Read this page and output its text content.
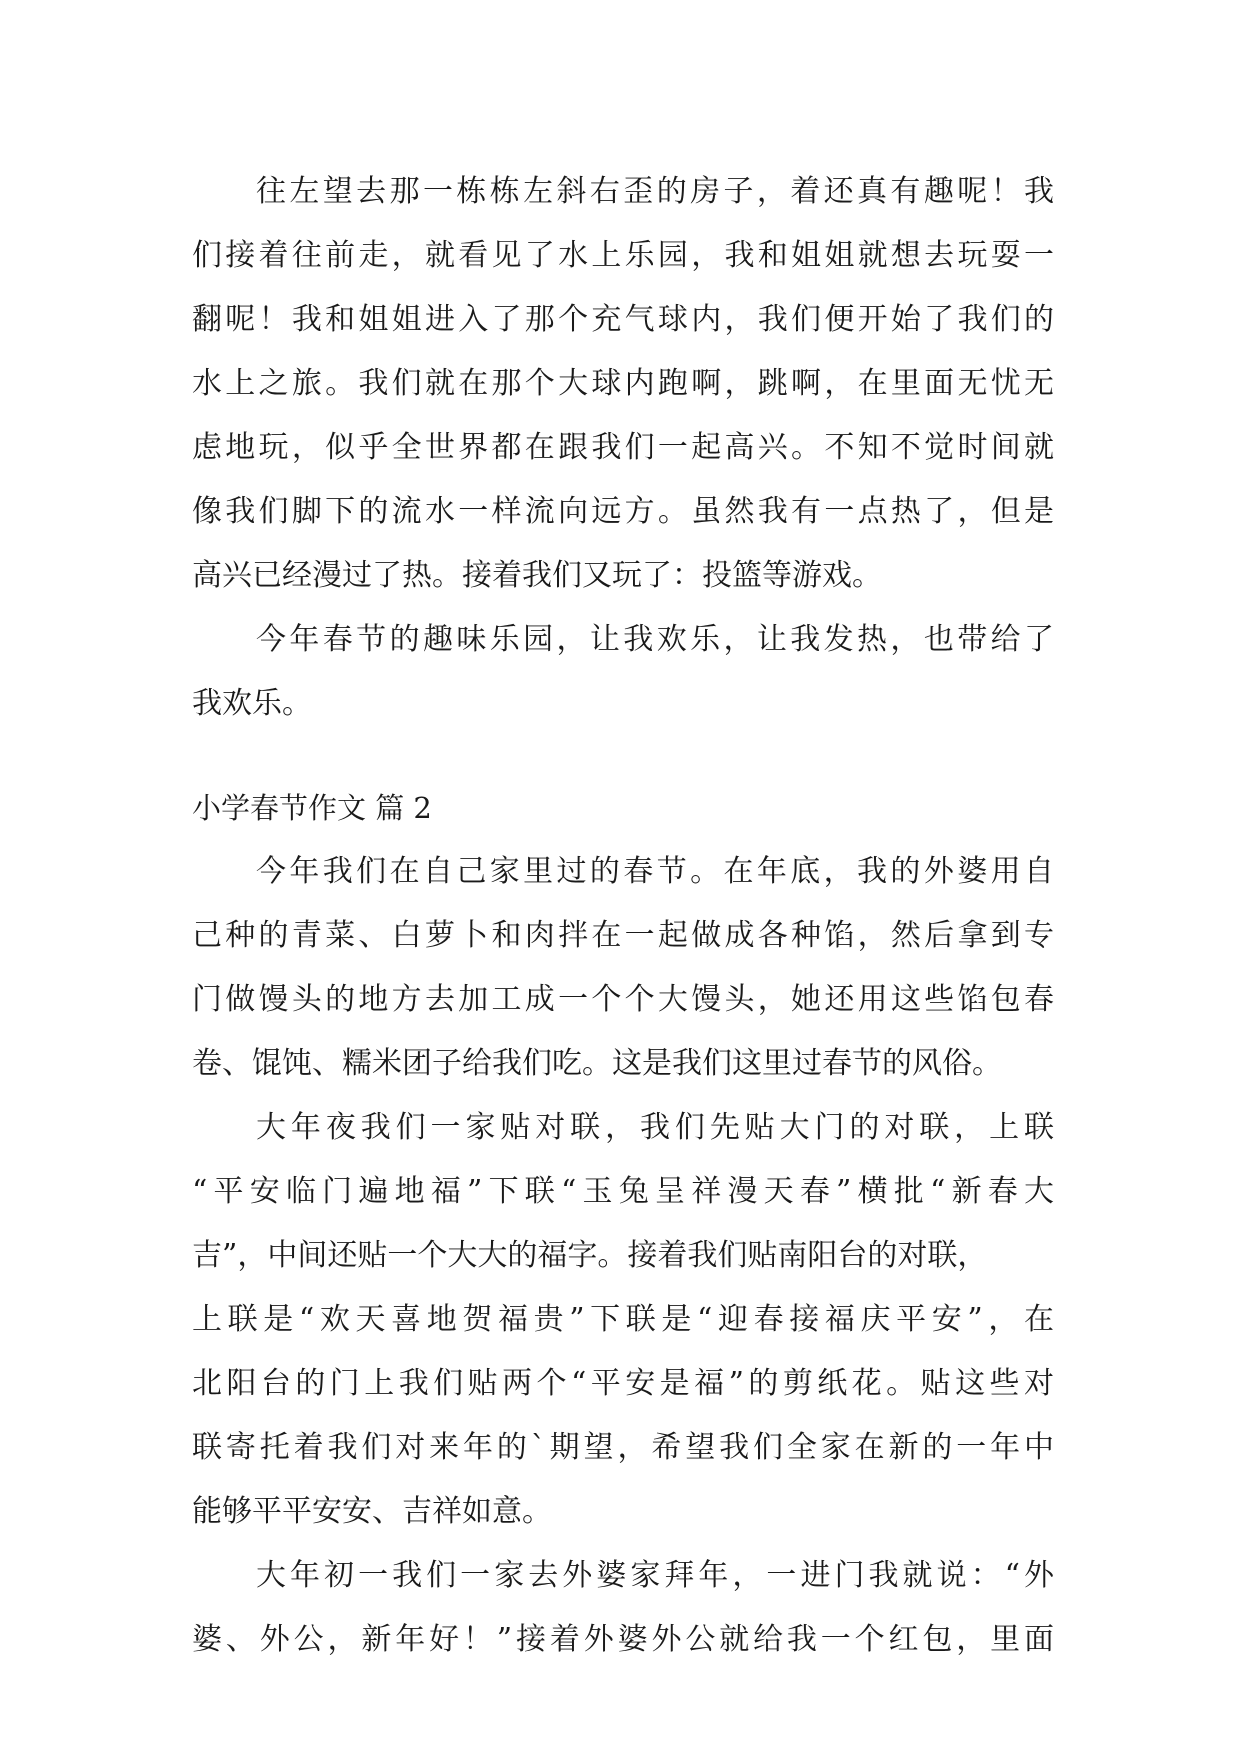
往左望去那一栋栋左斜右歪的房子，着还真有趣呢！我
们接着往前走，就看见了水上乐园，我和姐姐就想去玩耍一
翻呢！我和姐姐进入了那个充气球内，我们便开始了我们的
水上之旅。我们就在那个大球内跑啊，跳啊，在里面无忧无
虑地玩，似乎全世界都在跟我们一起高兴。不知不觉时间就
像我们脚下的流水一样流向远方。虽然我有一点热了，但是
高兴已经漫过了热。接着我们又玩了：投篮等游戏。
今年春节的趣味乐园，让我欢乐，让我发热，也带给了
我欢乐。
小学春节作文 篇 2
今年我们在自己家里过的春节。在年底，我的外婆用自
己种的青菜、白萝卜和肉拌在一起做成各种馅，然后拿到专
门做馒头的地方去加工成一个个大馒头，她还用这些馅包春
卷、馄饨、糯米团子给我们吃。这是我们这里过春节的风俗。
大年夜我们一家贴对联，我们先贴大门的对联，上联
“平安临门遍地福”下联“玉兔呈祥漫天春”横批“新春大
吉”，中间还贴一个大大的福字。接着我们贴南阳台的对联，
上联是“欢天喜地贺福贵”下联是“迎春接福庆平安”，在
北阳台的门上我们贴两个“平安是福”的剪纸花。贴这些对
联寄托着我们对来年的`期望，希望我们全家在新的一年中
能够平平安安、吉祥如意。
大年初一我们一家去外婆家拜年，一进门我就说：“外
婆、外公，新年好！”接着外婆外公就给我一个红包，里面
